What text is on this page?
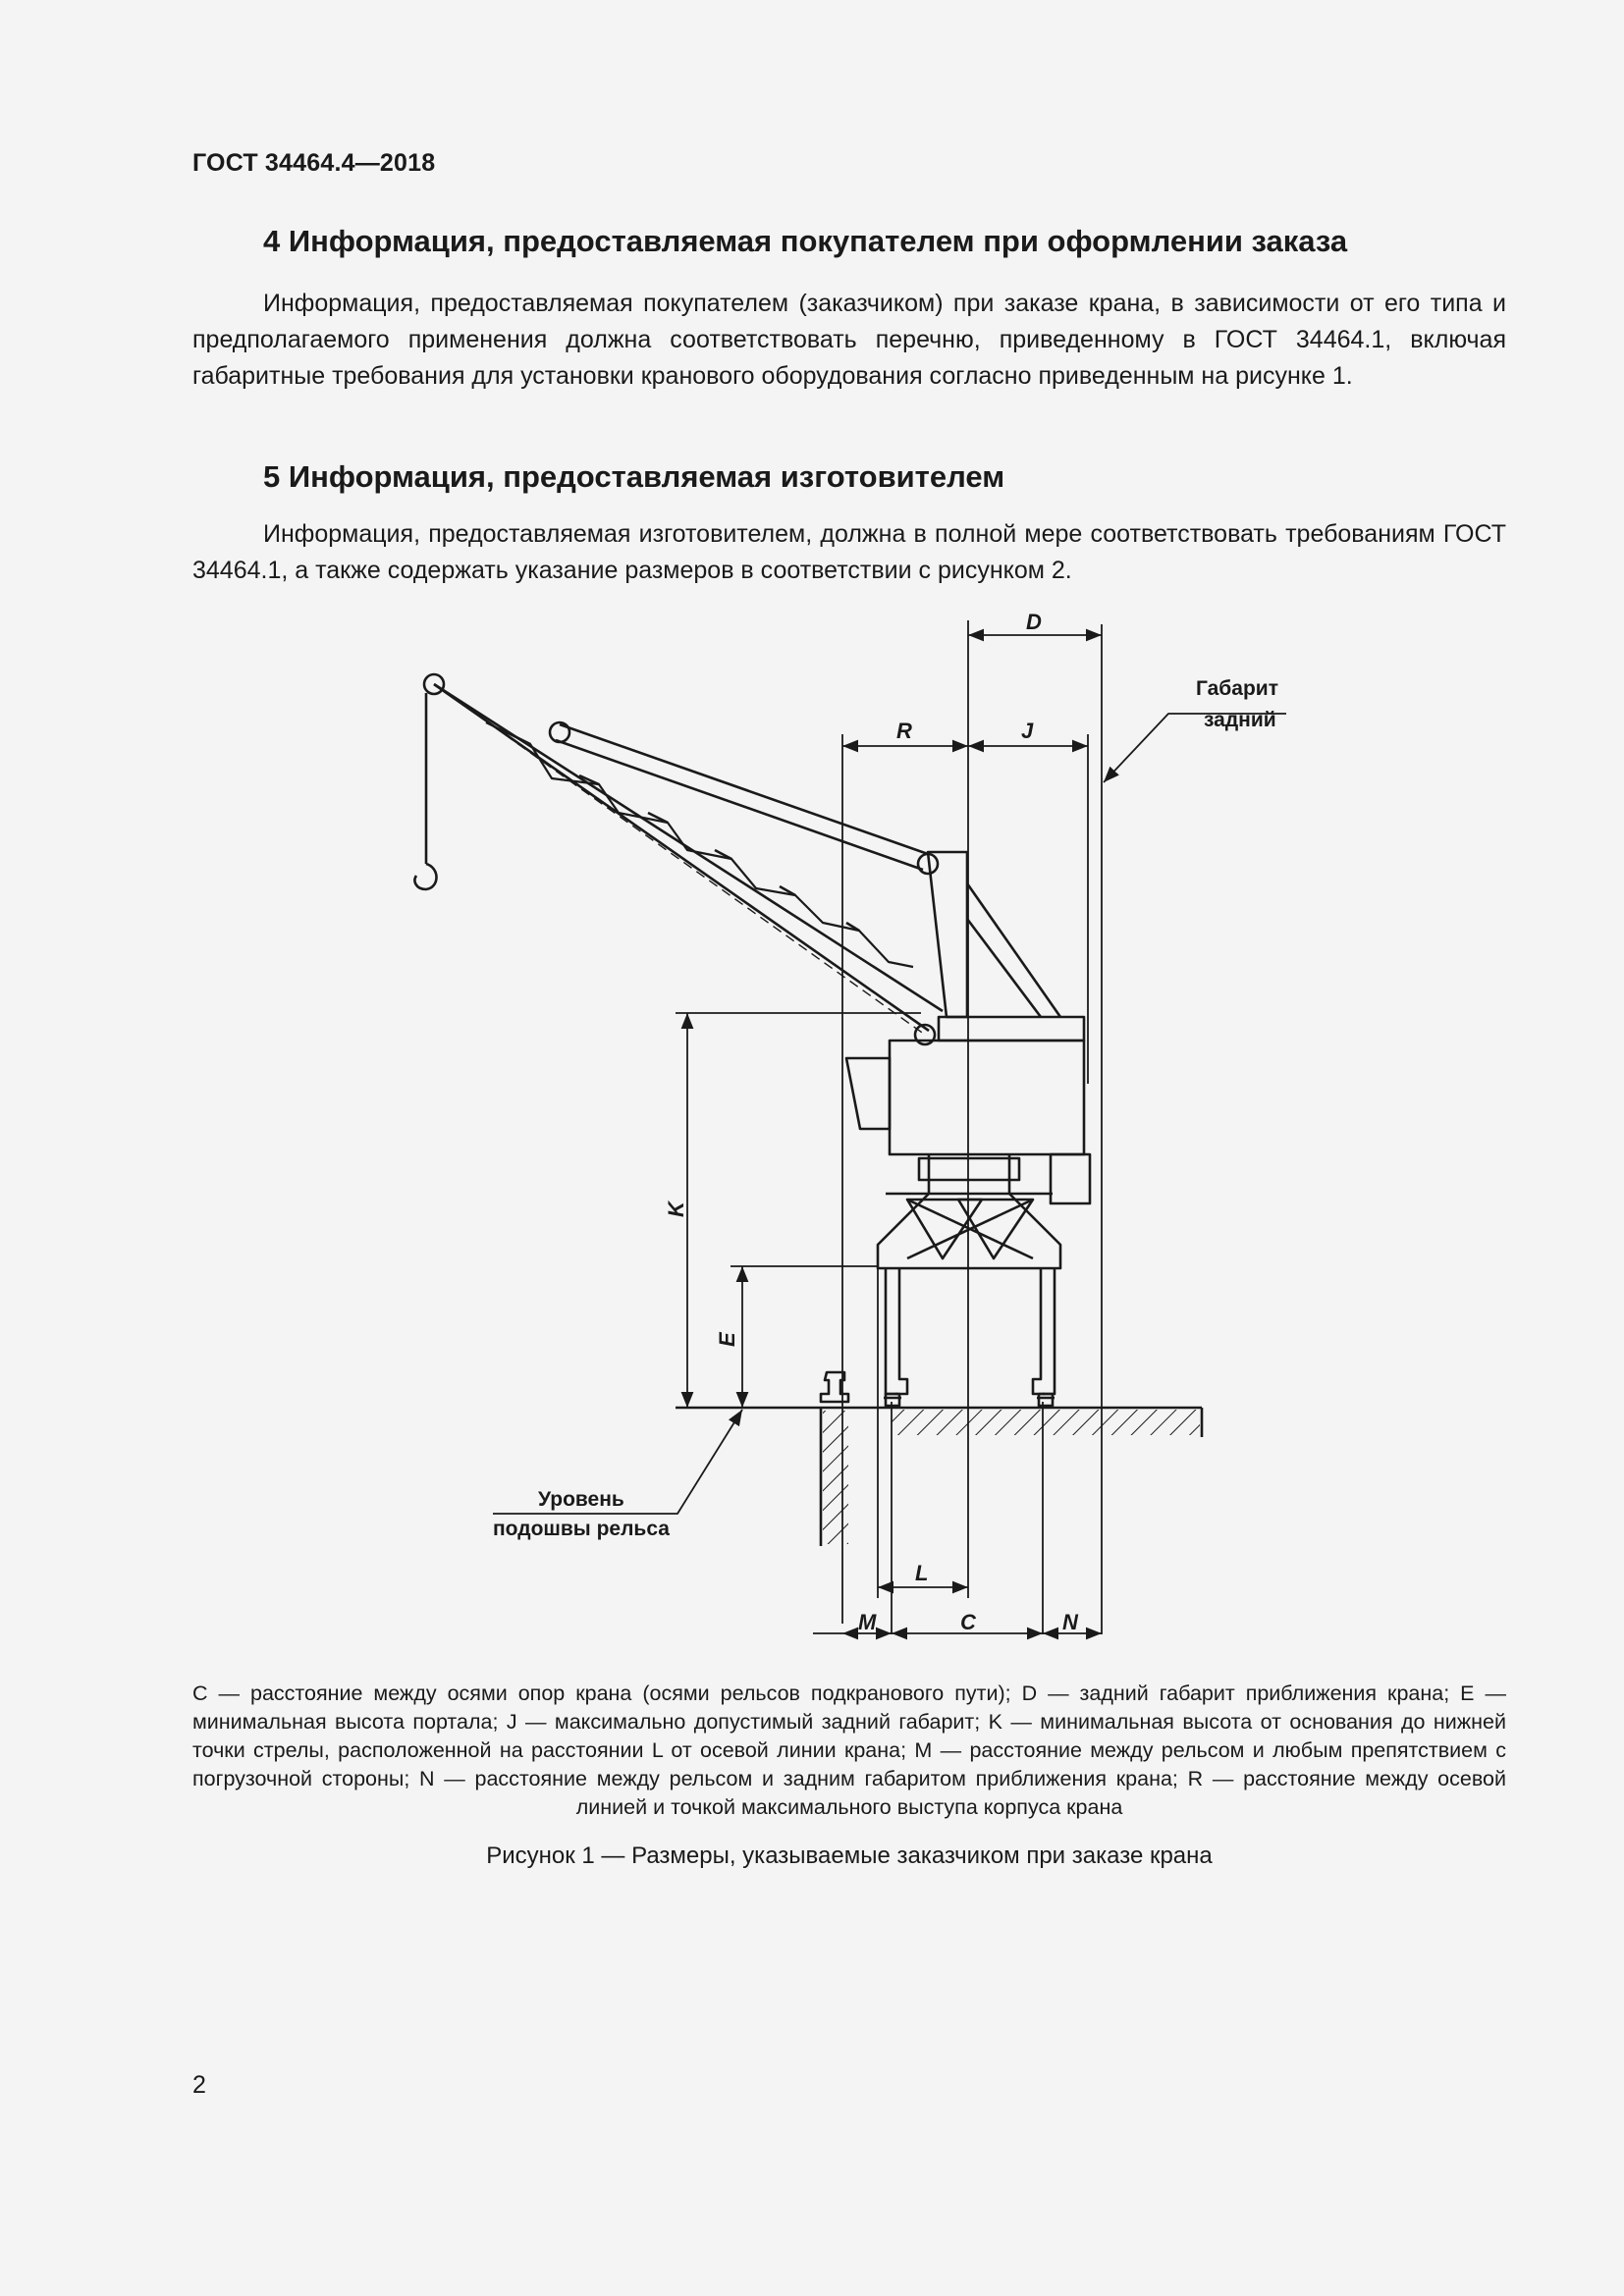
ГОСТ 34464.4—2018
4 Информация, предоставляемая покупателем при оформлении заказа

Информация, предоставляемая покупателем (заказчиком) при заказе крана, в зависимости от его типа и предполагаемого применения должна соответствовать перечню, приведенному в ГОСТ 34464.1, включая габаритные требования для установки кранового оборудования согласно приведенным на рисунке 1.

5 Информация, предоставляемая изготовителем

Информация, предоставляемая изготовителем, должна в полной мере соответствовать требованиям ГОСТ 34464.1, а также содержать указание размеров в соответствии с рисунком 2.

D
R	J
K
E
L
M	C	N
Габарит
задний
Уровень
подошвы рельса

C — расстояние между осями опор крана (осями рельсов подкранового пути); D — задний габарит приближения крана; E — минимальная высота портала; J — максимально допустимый задний габарит; K — минимальная высота от основания до нижней точки стрелы, расположенной на расстоянии L от осевой линии крана; M — расстояние между рельсом и любым препятствием с погрузочной стороны; N — расстояние между рельсом и задним габаритом приближения крана; R — расстояние между осевой линией и точкой максимального выступа корпуса крана

Рисунок 1 — Размеры, указываемые заказчиком при заказе крана

2
